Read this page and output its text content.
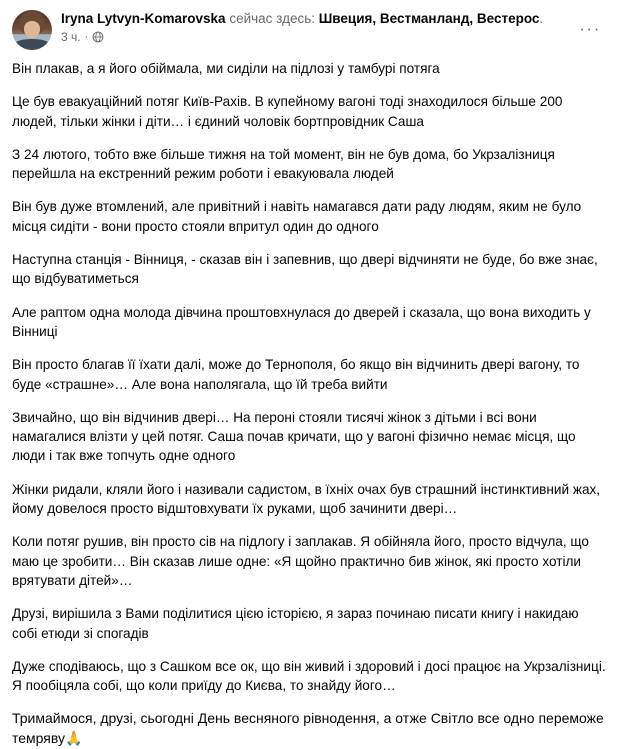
Iryna Lytvyn-Komarovska сейчас здесь: Швеция, Вестманланд, Вестерос.
3 ч. ·	···

Він плакав, а я його обіймала, ми сиділи на підлозі у тамбурі потяга

Це був евакуаційний потяг Київ-Рахів. В купейному вагоні тоді знаходилося більше 200 людей, тільки жінки і діти… і єдиний чоловік бортпровідник Саша

З 24 лютого, тобто вже більше тижня на той момент, він не був дома, бо Укрзалізниця перейшла на екстренний режим роботи і евакуювала людей

Він був дуже втомлений, але привітний і навіть намагався дати раду людям, яким не було місця сидіти - вони просто стояли впритул один до одного

Наступна станція - Вінниця, - сказав він і запевнив, що двері відчиняти не буде, бо вже знає, що відбуватиметься

Але раптом одна молода дівчина проштовхнулася до дверей і сказала, що вона виходить у Вінниці

Він просто благав її їхати далі, може до Тернополя, бо якщо він відчинить двері вагону, то буде «страшне»… Але вона наполягала, що їй треба вийти

Звичайно, що він відчинив двері… На пероні стояли тисячі жінок з дітьми і всі вони намагалися влізти у цей потяг. Саша почав кричати, що у вагоні фізично немає місця, що люди і так вже топчуть одне одного

Жінки ридали, кляли його і називали садистом, в їхніх очах був страшний інстинктивний жах, йому довелося просто відштовхувати їх руками, щоб зачинити двері…

Коли потяг рушив, він просто сів на підлогу і заплакав. Я обійняла його, просто відчула, що маю це зробити… Він сказав лише одне: «Я щойно практично бив жінок, які просто хотіли врятувати дітей»…

Друзі, вирішила з Вами поділитися цією історією, я зараз починаю писати книгу і накидаю собі етюди зі спогадів

Дуже сподіваюсь, що з Сашком все ок, що він живий і здоровий і досі працює на Укрзалізниці. Я пообіцяла собі, що коли приїду до Києва, то знайду його…

Тримаймося, друзі, сьогодні День весняного рівнодення, а отже Світло все одно переможе темряву🙏
